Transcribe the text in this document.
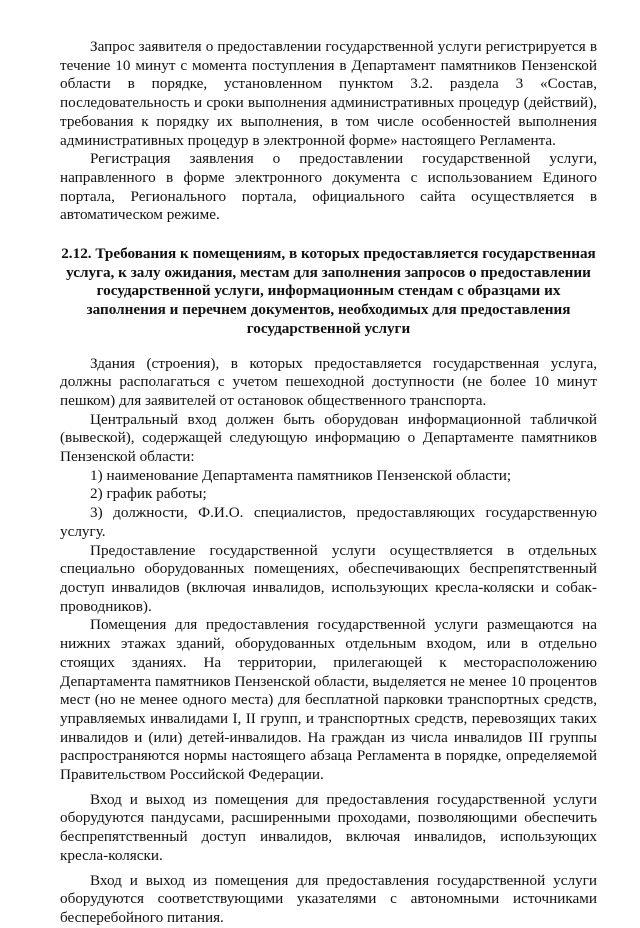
Запрос заявителя о предоставлении государственной услуги регистрируется в течение 10 минут с момента поступления в Департамент памятников Пензенской области в порядке, установленном пунктом 3.2. раздела 3 «Состав, последовательность и сроки выполнения административных процедур (действий), требования к порядку их выполнения, в том числе особенностей выполнения административных процедур в электронной форме» настоящего Регламента.

Регистрация заявления о предоставлении государственной услуги, направленного в форме электронного документа с использованием Единого портала, Регионального портала, официального сайта осуществляется в автоматическом режиме.

2.12. Требования к помещениям, в которых предоставляется государственная услуга, к залу ожидания, местам для заполнения запросов о предоставлении государственной услуги, информационным стендам с образцами их заполнения и перечнем документов, необходимых для предоставления государственной услуги

Здания (строения), в которых предоставляется государственная услуга, должны располагаться с учетом пешеходной доступности (не более 10 минут пешком) для заявителей от остановок общественного транспорта.

Центральный вход должен быть оборудован информационной табличкой (вывеской), содержащей следующую информацию о Департаменте памятников Пензенской области:

1) наименование Департамента памятников Пензенской области;

2) график работы;

3) должности, Ф.И.О. специалистов, предоставляющих государственную услугу.

Предоставление государственной услуги осуществляется в отдельных специально оборудованных помещениях, обеспечивающих беспрепятственный доступ инвалидов (включая инвалидов, использующих кресла-коляски и собак-проводников).

Помещения для предоставления государственной услуги размещаются на нижних этажах зданий, оборудованных отдельным входом, или в отдельно стоящих зданиях. На территории, прилегающей к месторасположению Департамента памятников Пензенской области, выделяется не менее 10 процентов мест (но не менее одного места) для бесплатной парковки транспортных средств, управляемых инвалидами I, II групп, и транспортных средств, перевозящих таких инвалидов и (или) детей-инвалидов. На граждан из числа инвалидов III группы распространяются нормы настоящего абзаца Регламента в порядке, определяемой Правительством Российской Федерации.

Вход и выход из помещения для предоставления государственной услуги оборудуются пандусами, расширенными проходами, позволяющими обеспечить беспрепятственный доступ инвалидов, включая инвалидов, использующих кресла-коляски.

Вход и выход из помещения для предоставления государственной услуги оборудуются соответствующими указателями с автономными источниками бесперебойного питания.
